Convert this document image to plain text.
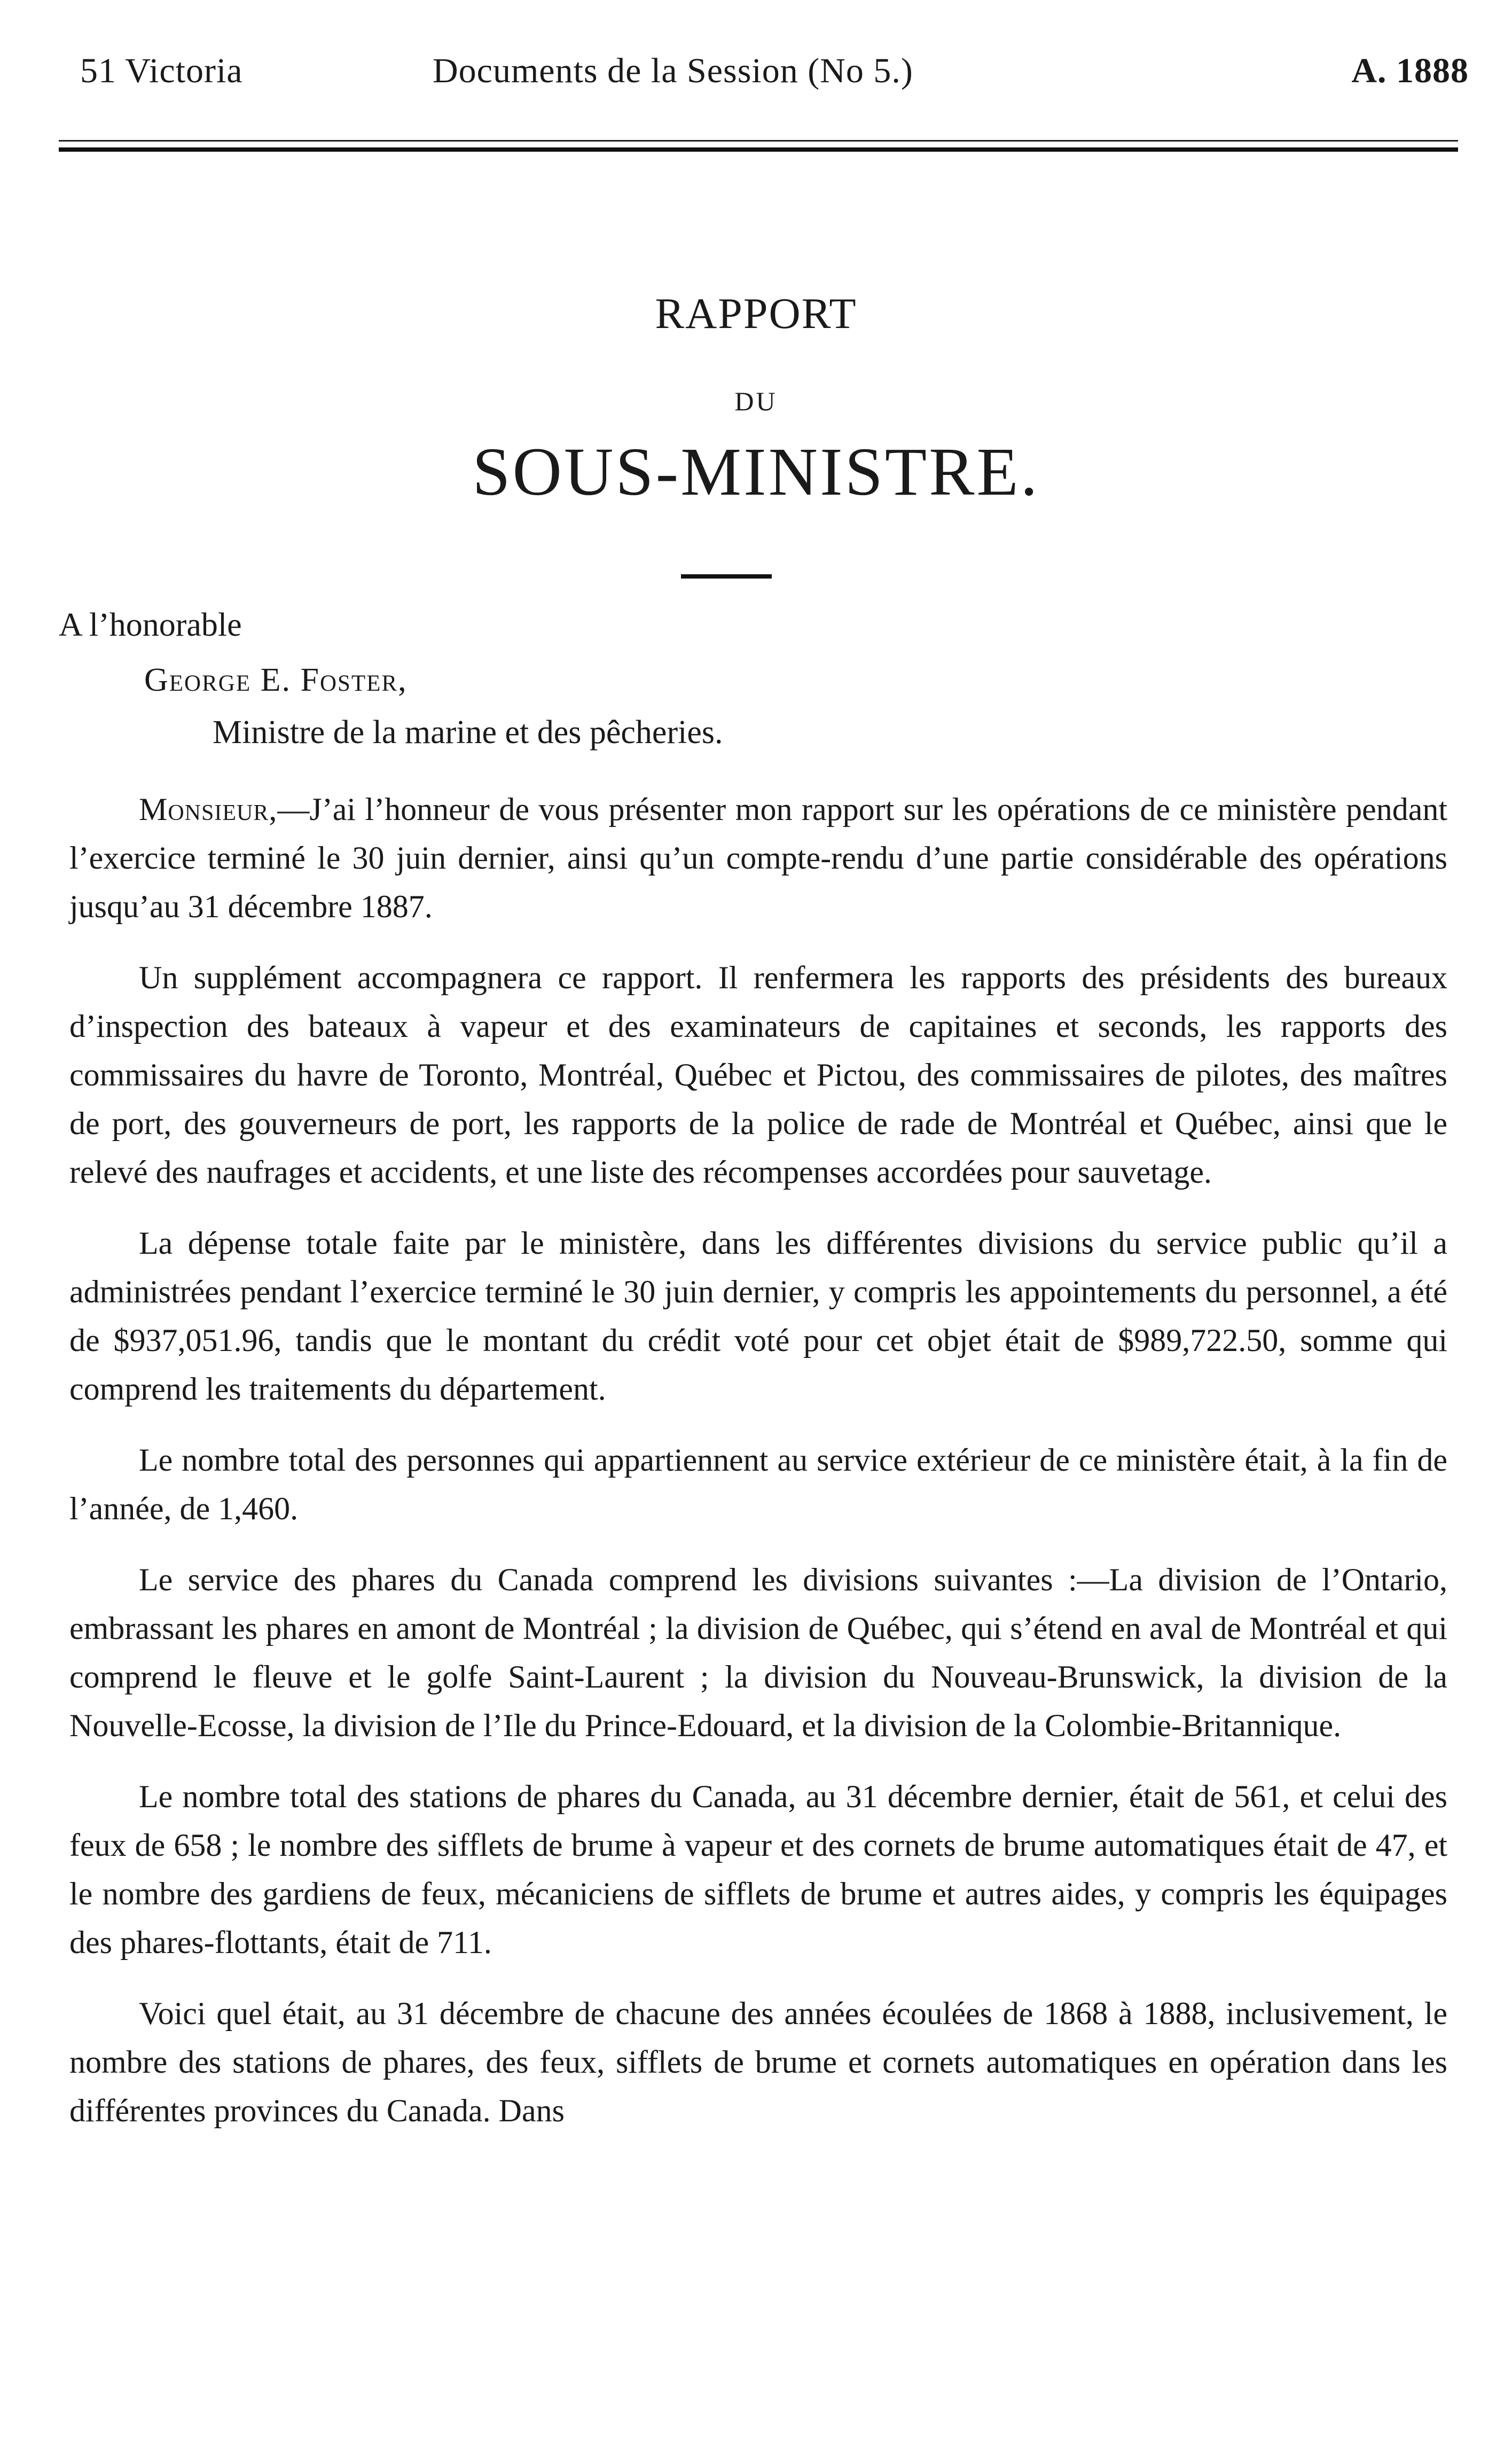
51 Victoria	Documents de la Session (No 5.)	A. 1888
RAPPORT
DU
SOUS-MINISTRE.
A l’honorable
George E. Foster,
Ministre de la marine et des pêcheries.

Monsieur,—J’ai l’honneur de vous présenter mon rapport sur les opérations de ce ministère pendant l’exercice terminé le 30 juin dernier, ainsi qu’un compte-rendu d’une partie considérable des opérations jusqu’au 31 décembre 1887.

Un supplément accompagnera ce rapport. Il renfermera les rapports des présidents des bureaux d’inspection des bateaux à vapeur et des examinateurs de capitaines et seconds, les rapports des commissaires du havre de Toronto, Montréal, Québec et Pictou, des commissaires de pilotes, des maîtres de port, des gouverneurs de port, les rapports de la police de rade de Montréal et Québec, ainsi que le relevé des naufrages et accidents, et une liste des récompenses accordées pour sauvetage.

La dépense totale faite par le ministère, dans les différentes divisions du service public qu’il a administrées pendant l’exercice terminé le 30 juin dernier, y compris les appointements du personnel, a été de $937,051.96, tandis que le montant du crédit voté pour cet objet était de $989,722.50, somme qui comprend les traitements du département.

Le nombre total des personnes qui appartiennent au service extérieur de ce ministère était, à la fin de l’année, de 1,460.

Le service des phares du Canada comprend les divisions suivantes :—La division de l’Ontario, embrassant les phares en amont de Montréal ; la division de Québec, qui s’étend en aval de Montréal et qui comprend le fleuve et le golfe Saint-Laurent ; la division du Nouveau-Brunswick, la division de la Nouvelle-Ecosse, la division de l’Ile du Prince-Edouard, et la division de la Colombie-Britannique.

Le nombre total des stations de phares du Canada, au 31 décembre dernier, était de 561, et celui des feux de 658 ; le nombre des sifflets de brume à vapeur et des cornets de brume automatiques était de 47, et le nombre des gardiens de feux, mécaniciens de sifflets de brume et autres aides, y compris les équipages des phares-flottants, était de 711.

Voici quel était, au 31 décembre de chacune des années écoulées de 1868 à 1888, inclusivement, le nombre des stations de phares, des feux, sifflets de brume et cornets automatiques en opération dans les différentes provinces du Canada. Dans
